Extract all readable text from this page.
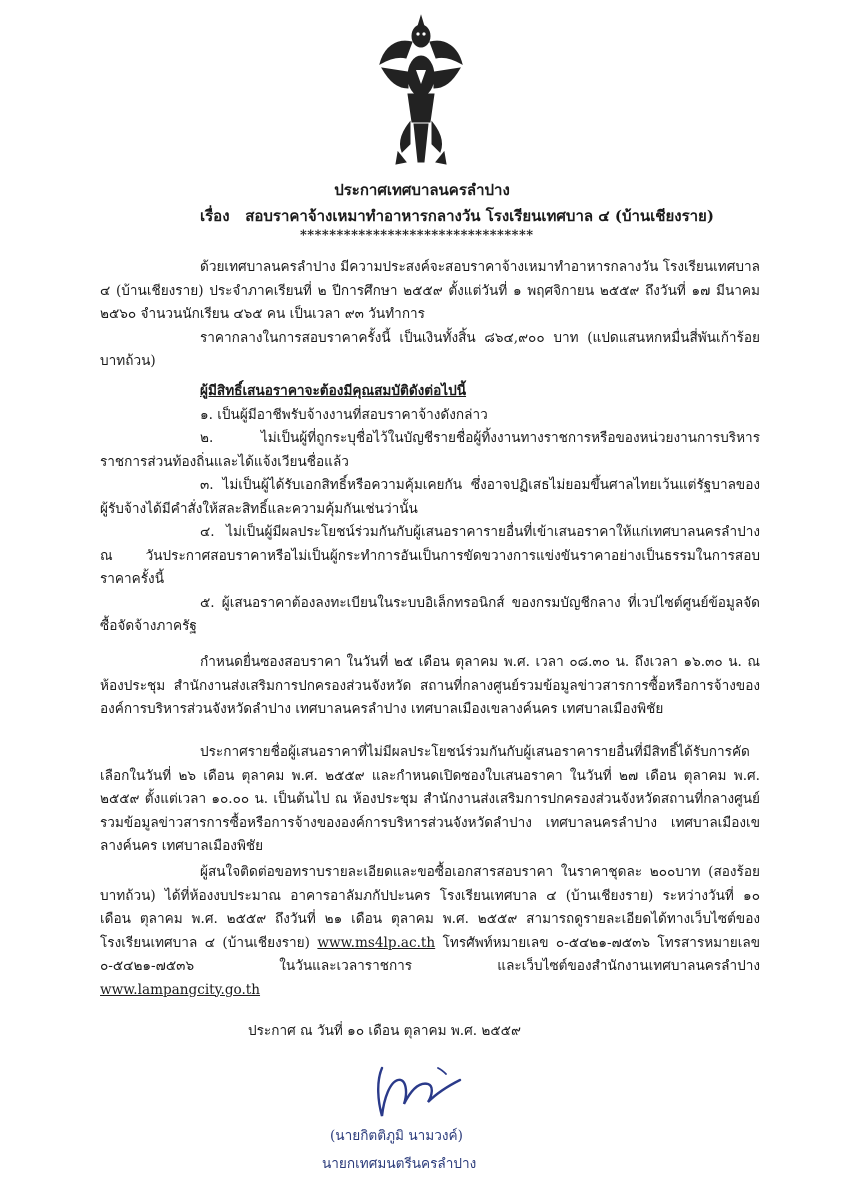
ประกาศเทศบาลนครลำปาง
เรื่อง สอบราคาจ้างเหมาทำอาหารกลางวัน โรงเรียนเทศบาล ๔ (บ้านเชียงราย)
********************************

ด้วยเทศบาลนครลำปาง มีความประสงค์จะสอบราคาจ้างเหมาทำอาหารกลางวัน โรงเรียนเทศบาล ๔ (บ้านเชียงราย) ประจำภาคเรียนที่ ๒ ปีการศึกษา ๒๕๕๙ ตั้งแต่วันที่ ๑ พฤศจิกายน ๒๕๕๙ ถึงวันที่ ๑๗ มีนาคม ๒๕๖๐ จำนวนนักเรียน ๔๖๕ คน เป็นเวลา ๙๓ วันทำการ

ราคากลางในการสอบราคาครั้งนี้ เป็นเงินทั้งสิ้น ๘๖๔,๙๐๐ บาท (แปดแสนหกหมื่นสี่พันเก้าร้อยบาทถ้วน)

ผู้มีสิทธิ์เสนอราคาจะต้องมีคุณสมบัติดังต่อไปนี้

๑. เป็นผู้มีอาชีพรับจ้างงานที่สอบราคาจ้างดังกล่าว

๒. ไม่เป็นผู้ที่ถูกระบุชื่อไว้ในบัญชีรายชื่อผู้ทิ้งงานทางราชการหรือของหน่วยงานการบริหารราชการส่วนท้องถิ่นและได้แจ้งเวียนชื่อแล้ว

๓. ไม่เป็นผู้ได้รับเอกสิทธิ์หรือความคุ้มเคยกัน ซึ่งอาจปฏิเสธไม่ยอมขึ้นศาลไทยเว้นแต่รัฐบาลของผู้รับจ้างได้มีคำสั่งให้สละสิทธิ์และความคุ้มกันเช่นว่านั้น

๔. ไม่เป็นผู้มีผลประโยชน์ร่วมกันกับผู้เสนอราคารายอื่นที่เข้าเสนอราคาให้แก่เทศบาลนครลำปาง ณ วันประกาศสอบราคาหรือไม่เป็นผู้กระทำการอันเป็นการขัดขวางการแข่งขันราคาอย่างเป็นธรรมในการสอบราคาครั้งนี้

๕. ผู้เสนอราคาต้องลงทะเบียนในระบบอิเล็กทรอนิกส์ ของกรมบัญชีกลาง ที่เวปไซต์ศูนย์ข้อมูลจัดซื้อจัดจ้างภาครัฐ

กำหนดยื่นซองสอบราคา ในวันที่ ๒๕ เดือน ตุลาคม พ.ศ. เวลา ๐๘.๓๐ น. ถึงเวลา ๑๖.๓๐ น. ณ ห้องประชุม สำนักงานส่งเสริมการปกครองส่วนจังหวัด สถานที่กลางศูนย์รวมข้อมูลข่าวสารการซื้อหรือการจ้างขององค์การบริหารส่วนจังหวัดลำปาง เทศบาลนครลำปาง เทศบาลเมืองเขลางค์นคร เทศบาลเมืองพิชัย

ประกาศรายชื่อผู้เสนอราคาที่ไม่มีผลประโยชน์ร่วมกันกับผู้เสนอราคารายอื่นที่มีสิทธิ์ได้รับการคัดเลือกในวันที่ ๒๖ เดือน ตุลาคม พ.ศ. ๒๕๕๙ และกำหนดเปิดซองใบเสนอราคา ในวันที่ ๒๗ เดือน ตุลาคม พ.ศ. ๒๕๕๙ ตั้งแต่เวลา ๑๐.๐๐ น. เป็นต้นไป ณ ห้องประชุม สำนักงานส่งเสริมการปกครองส่วนจังหวัดสถานที่กลางศูนย์รวมข้อมูลข่าวสารการซื้อหรือการจ้างขององค์การบริหารส่วนจังหวัดลำปาง เทศบาลนครลำปาง เทศบาลเมืองเขลางค์นคร เทศบาลเมืองพิชัย

ผู้สนใจติดต่อขอทราบรายละเอียดและขอซื้อเอกสารสอบราคา ในราคาชุดละ ๒๐๐บาท (สองร้อยบาทถ้วน) ได้ที่ห้องงบประมาณ อาคารอาลัมภกัปปะนคร โรงเรียนเทศบาล ๔ (บ้านเชียงราย) ระหว่างวันที่ ๑๐ เดือน ตุลาคม พ.ศ. ๒๕๕๙ ถึงวันที่ ๒๑ เดือน ตุลาคม พ.ศ. ๒๕๕๙ สามารถดูรายละเอียดได้ทางเว็บไซต์ของโรงเรียนเทศบาล ๔ (บ้านเชียงราย) www.ms4lp.ac.th โทรศัพท์หมายเลข ๐-๕๔๒๑-๗๕๓๖ โทรสารหมายเลข ๐-๕๔๒๑-๗๕๓๖ ในวันและเวลาราชการ และเว็บไซต์ของสำนักงานเทศบาลนครลำปาง www.lampangcity.go.th

ประกาศ ณ วันที่ ๑๐ เดือน ตุลาคม พ.ศ. ๒๕๕๙

(นายกิตติภูมิ นามวงค์)
นายกเทศมนตรีนครลำปาง
